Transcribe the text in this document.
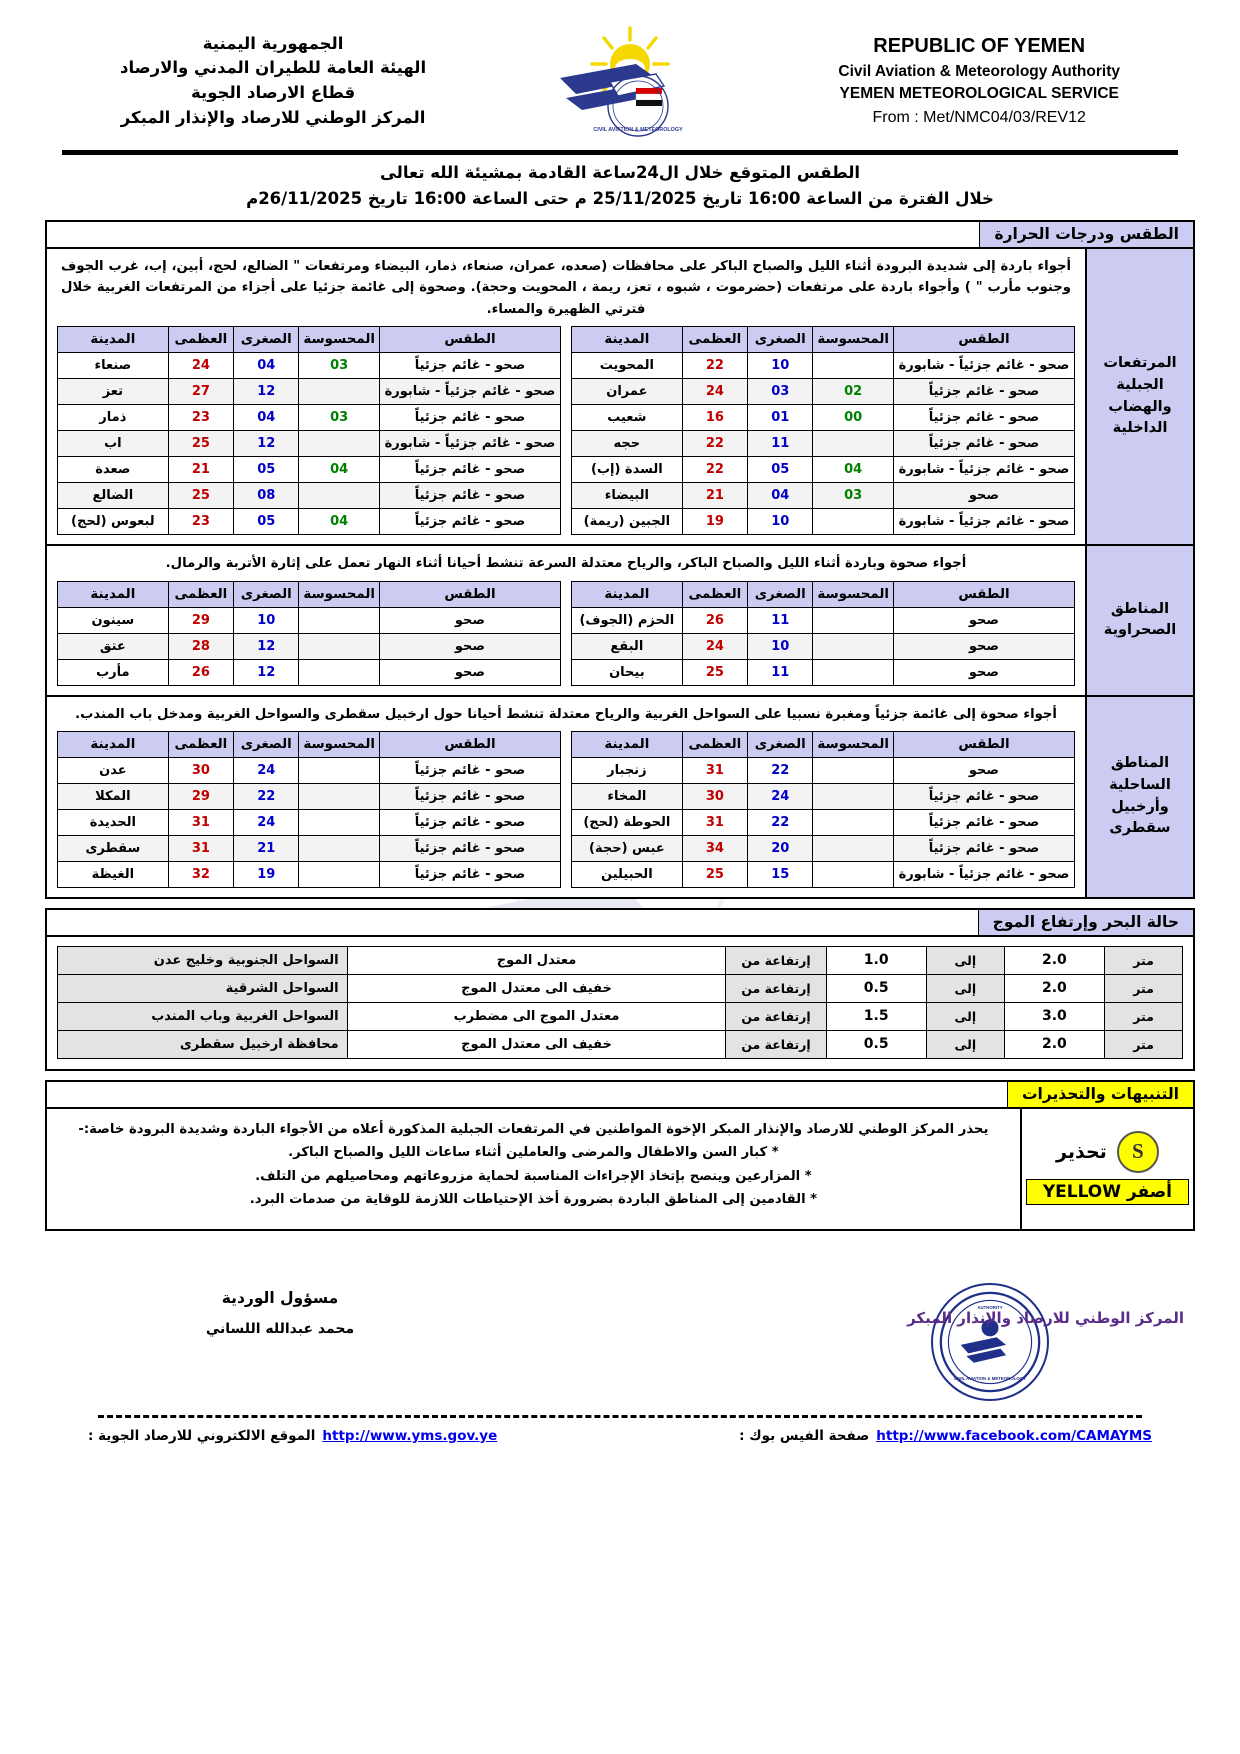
الجمهورية اليمنية
الهيئة العامة للطيران المدني والارصاد
قطاع الارصاد الجوية
المركز الوطني للارصاد والإنذار المبكر
CIVIL AVIATION & METEOROLOGY
REPUBLIC OF YEMEN
Civil Aviation & Meteorology Authority
YEMEN METEOROLOGICAL SERVICE
From : Met/NMC04/03/REV12
الطقس المتوقع خلال ال24ساعة القادمة بمشيئة الله تعالى
خلال الفترة من الساعة 16:00 تاريخ 25/11/2025 م حتى الساعة 16:00 تاريخ 26/11/2025م
الطقس ودرجات الحرارة
المرتفعات الجبلية والهضاب الداخلية
أجواء باردة إلى شديدة البرودة أثناء الليل والصباح الباكر على محافظات (صعده، عمران، صنعاء، ذمار، البيضاء ومرتفعات " الضالع، لحج، أبين، إب، غرب الجوف وجنوب مأرب " ) وأجواء باردة على مرتفعات (حضرموت ، شبوه ، تعز، ريمة ، المحويت وحجة). وصحوة إلى غائمة جزئيا على أجزاء من المرتفعات الغربية خلال فترتي الظهيرة والمساء.
الطقس	المحسوسة	الصغرى	العظمى	المدينة
صحو - غائم جزئياً - شابورة		10	22	المحويت
صحو - غائم جزئياً	02	03	24	عمران
صحو - غائم جزئياً	00	01	16	شعيب
صحو - غائم جزئياً		11	22	حجه
صحو - غائم جزئياً - شابورة	04	05	22	السدة (إب)
صحو	03	04	21	البيضاء
صحو - غائم جزئياً - شابورة		10	19	الجبين (ريمة)
الطقس	المحسوسة	الصغرى	العظمى	المدينة
صحو - غائم جزئياً	03	04	24	صنعاء
صحو - غائم جزئياً - شابورة		12	27	تعز
صحو - غائم جزئياً	03	04	23	ذمار
صحو - غائم جزئياً - شابورة		12	25	اب
صحو - غائم جزئياً	04	05	21	صعدة
صحو - غائم جزئياً		08	25	الضالع
صحو - غائم جزئياً	04	05	23	لبعوس (لحج)
المناطق الصحراوية
أجواء صحوة وباردة أثناء الليل والصباح الباكر، والرياح معتدلة السرعة تنشط أحيانا أثناء النهار تعمل على إثارة الأتربة والرمال.
الطقس	المحسوسة	الصغرى	العظمى	المدينة
صحو		11	26	الحزم (الجوف)
صحو		10	24	البقع
صحو		11	25	بيحان
الطقس	المحسوسة	الصغرى	العظمى	المدينة
صحو		10	29	سينون
صحو		12	28	عتق
صحو		12	26	مأرب
المناطق الساحلية وأرخبيل سقطرى
أجواء صحوة إلى غائمة جزئياً ومغبرة نسبيا على السواحل الغربية والرياح معتدلة تنشط أحيانا حول ارخبيل سقطرى والسواحل الغربية ومدخل باب المندب.
الطقس	المحسوسة	الصغرى	العظمى	المدينة
صحو		22	31	زنجبار
صحو - غائم جزئياً		24	30	المخاء
صحو - غائم جزئياً		22	31	الحوطة (لحج)
صحو - غائم جزئياً		20	34	عبس (حجة)
صحو - غائم جزئياً - شابورة		15	25	الحبيلين
الطقس	المحسوسة	الصغرى	العظمى	المدينة
صحو - غائم جزئياً		24	30	عدن
صحو - غائم جزئياً		22	29	المكلا
صحو - غائم جزئياً		24	31	الحديدة
صحو - غائم جزئياً		21	31	سقطرى
صحو - غائم جزئياً		19	32	الغيظة
حالة البحر وإرتفاع الموج
متر	2.0	إلى	1.0	إرتفاعة من	معتدل الموج	السواحل الجنوبية وخليج عدن
متر	2.0	إلى	0.5	إرتفاعة من	خفيف الى معتدل الموج	السواحل الشرقية
متر	3.0	إلى	1.5	إرتفاعة من	معتدل الموج الى مضطرب	السواحل الغربية وباب المندب
متر	2.0	إلى	0.5	إرتفاعة من	خفيف الى معتدل الموج	محافظة ارخبيل سقطرى
التنبيهات والتحذيرات
S
تحذير
أصفر YELLOW
يحذر المركز الوطني للارصاد والإنذار المبكر الإخوة المواطنين في المرتفعات الجبلية المذكورة أعلاه من الأجواء الباردة وشديدة البرودة خاصة:-
* كبار السن والاطفال والمرضى والعاملين أثناء ساعات الليل والصباح الباكر.
* المزارعين وينصح بإتخاذ الإجراءات المناسبة لحماية مزروعاتهم ومحاصيلهم من التلف.
* القادمين إلى المناطق الباردة بضرورة أخذ الإحتياطات اللازمة للوقاية من صدمات البرد.
CIVIL AVIATION & METEOROLOGY
AUTHORITY
المركز الوطني للارصاد والإنذار المبكر
مسؤول الوردية
محمد عبدالله اللساني
http://www.facebook.com/CAMAYMS
صفحة الفيس بوك :
http://www.yms.gov.ye
الموقع الالكتروني للارصاد الجوية :
